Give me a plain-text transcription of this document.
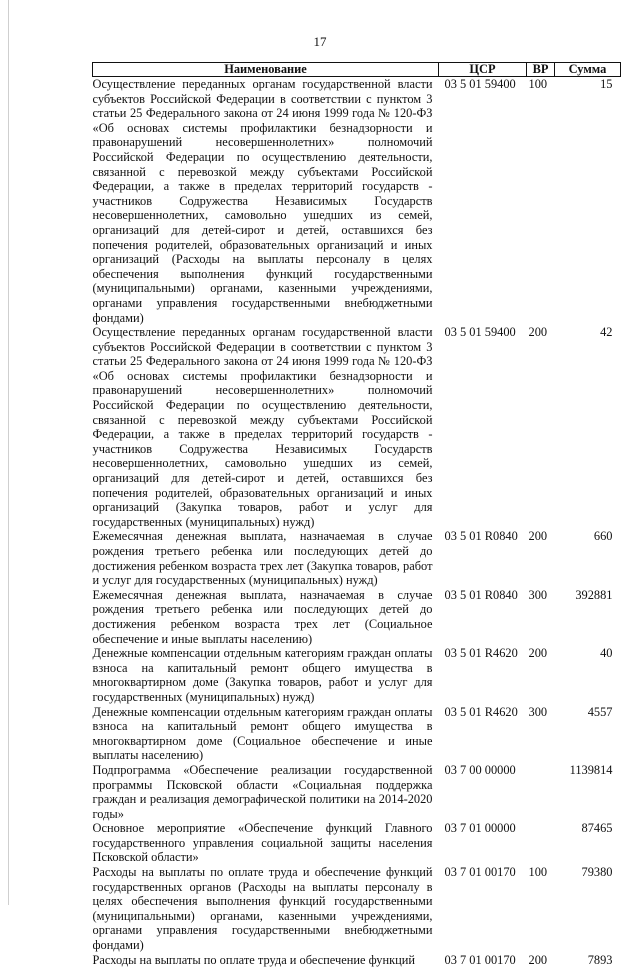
17
Наименование	ЦСР	ВР	Сумма
Осуществление переданных органам государственной власти субъектов Российской Федерации в соответствии с пунктом 3 статьи 25 Федерального закона от 24 июня 1999 года № 120-ФЗ «Об основах системы профилактики безнадзорности и правонарушений несовершеннолетних» полномочий Российской Федерации по осуществлению деятельности, связанной с перевозкой между субъектами Российской Федерации, а также в пределах территорий государств - участников Содружества Независимых Государств несовершеннолетних, самовольно ушедших из семей, организаций для детей-сирот и детей, оставшихся без попечения родителей, образовательных организаций и иных организаций (Расходы на выплаты персоналу в целях обеспечения выполнения функций государственными (муниципальными) органами, казенными учреждениями, органами управления государственными внебюджетными фондами)	03 5 01 59400	100	15
Осуществление переданных органам государственной власти субъектов Российской Федерации в соответствии с пунктом 3 статьи 25 Федерального закона от 24 июня 1999 года № 120-ФЗ «Об основах системы профилактики безнадзорности и правонарушений несовершеннолетних» полномочий Российской Федерации по осуществлению деятельности, связанной с перевозкой между субъектами Российской Федерации, а также в пределах территорий государств - участников Содружества Независимых Государств несовершеннолетних, самовольно ушедших из семей, организаций для детей-сирот и детей, оставшихся без попечения родителей, образовательных организаций и иных организаций (Закупка товаров, работ и услуг для государственных (муниципальных) нужд)	03 5 01 59400	200	42
Ежемесячная денежная выплата, назначаемая в случае рождения третьего ребенка или последующих детей до достижения ребенком возраста трех лет (Закупка товаров, работ и услуг для государственных (муниципальных) нужд)	03 5 01 R0840	200	660
Ежемесячная денежная выплата, назначаемая в случае рождения третьего ребенка или последующих детей до достижения ребенком возраста трех лет (Социальное обеспечение и иные выплаты населению)	03 5 01 R0840	300	392881
Денежные компенсации отдельным категориям граждан оплаты взноса на капитальный ремонт общего имущества в многоквартирном доме (Закупка товаров, работ и услуг для государственных (муниципальных) нужд)	03 5 01 R4620	200	40
Денежные компенсации отдельным категориям граждан оплаты взноса на капитальный ремонт общего имущества в многоквартирном доме (Социальное обеспечение и иные выплаты населению)	03 5 01 R4620	300	4557
Подпрограмма «Обеспечение реализации государственной программы Псковской области «Социальная поддержка граждан и реализация демографической политики на 2014-2020 годы»	03 7 00 00000		1139814
Основное мероприятие «Обеспечение функций Главного государственного управления социальной защиты населения Псковской области»	03 7 01 00000		87465
Расходы на выплаты по оплате труда и обеспечение функций государственных органов (Расходы на выплаты персоналу в целях обеспечения выполнения функций государственными (муниципальными) органами, казенными учреждениями, органами управления государственными внебюджетными фондами)	03 7 01 00170	100	79380
Расходы на выплаты по оплате труда и обеспечение функций	03 7 01 00170	200	7893
